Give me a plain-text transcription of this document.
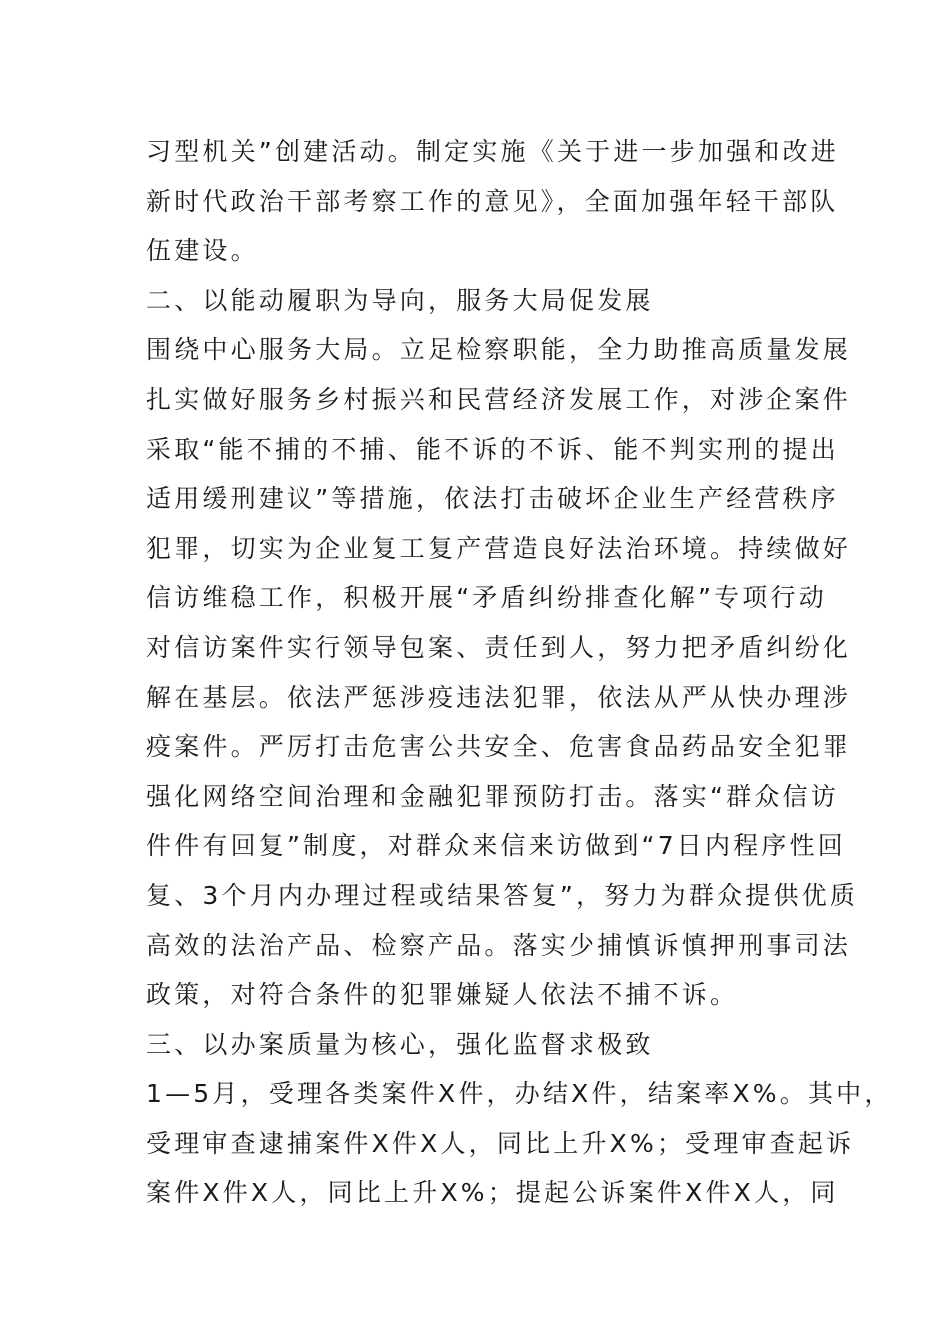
习型机关”创建活动。制定实施《关于进一步加强和改进
新时代政治干部考察工作的意见》，全面加强年轻干部队
伍建设。
二、以能动履职为导向，服务大局促发展
围绕中心服务大局。立足检察职能，全力助推高质量发展
扎实做好服务乡村振兴和民营经济发展工作，对涉企案件
采取“能不捕的不捕、能不诉的不诉、能不判实刑的提出
适用缓刑建议”等措施，依法打击破坏企业生产经营秩序
犯罪，切实为企业复工复产营造良好法治环境。持续做好
信访维稳工作，积极开展“矛盾纠纷排查化解”专项行动
对信访案件实行领导包案、责任到人，努力把矛盾纠纷化
解在基层。依法严惩涉疫违法犯罪，依法从严从快办理涉
疫案件。严厉打击危害公共安全、危害食品药品安全犯罪
强化网络空间治理和金融犯罪预防打击。落实“群众信访
件件有回复”制度，对群众来信来访做到“7日内程序性回
复、3个月内办理过程或结果答复”，努力为群众提供优质
高效的法治产品、检察产品。落实少捕慎诉慎押刑事司法
政策，对符合条件的犯罪嫌疑人依法不捕不诉。
三、以办案质量为核心，强化监督求极致
1—5月，受理各类案件X件，办结X件，结案率X%。其中，
受理审查逮捕案件X件X人，同比上升X%；受理审查起诉
案件X件X人，同比上升X%；提起公诉案件X件X人，同
